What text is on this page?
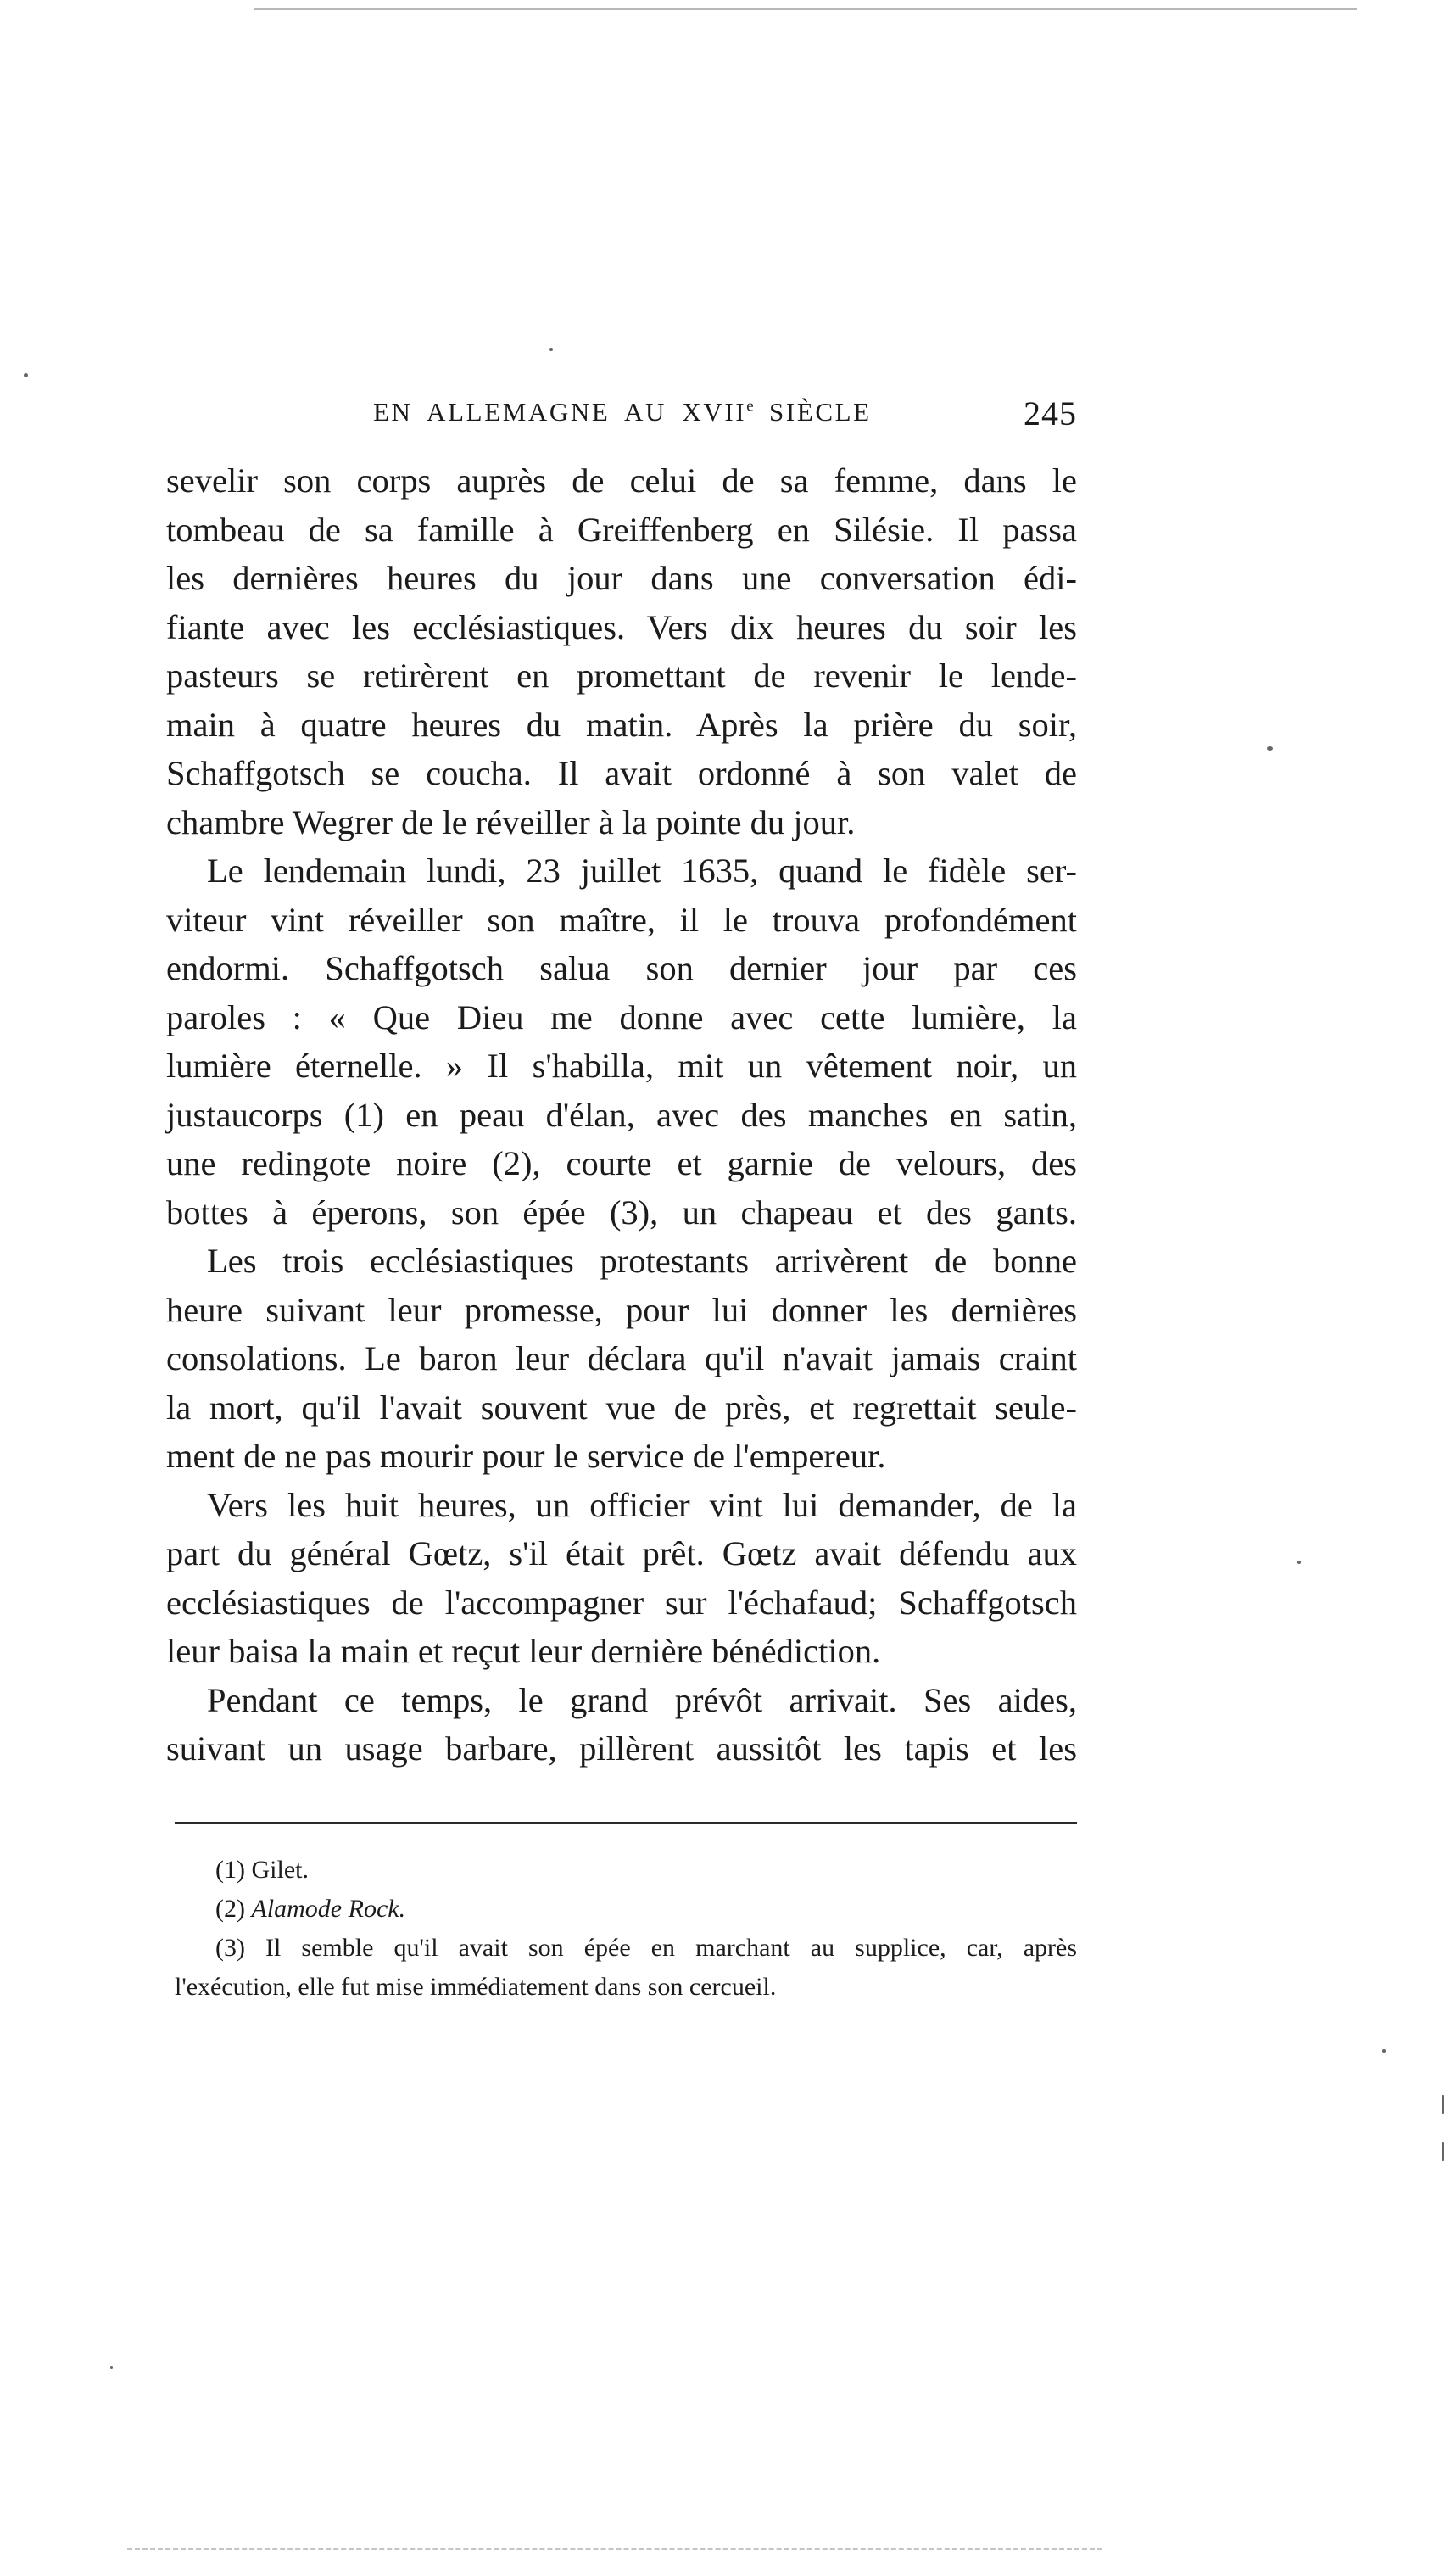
EN ALLEMAGNE AU XVIIe SIÈCLE	245
sevelir son corps auprès de celui de sa femme, dans le
tombeau de sa famille à Greiffenberg en Silésie. Il passa
les dernières heures du jour dans une conversation édi-
fiante avec les ecclésiastiques. Vers dix heures du soir les
pasteurs se retirèrent en promettant de revenir le lende-
main à quatre heures du matin. Après la prière du soir,
Schaffgotsch se coucha. Il avait ordonné à son valet de
chambre Wegrer de le réveiller à la pointe du jour.
Le lendemain lundi, 23 juillet 1635, quand le fidèle ser-
viteur vint réveiller son maître, il le trouva profondément
endormi. Schaffgotsch salua son dernier jour par ces
paroles : « Que Dieu me donne avec cette lumière, la
lumière éternelle. » Il s'habilla, mit un vêtement noir, un
justaucorps (1) en peau d'élan, avec des manches en satin,
une redingote noire (2), courte et garnie de velours, des
bottes à éperons, son épée (3), un chapeau et des gants.
Les trois ecclésiastiques protestants arrivèrent de bonne
heure suivant leur promesse, pour lui donner les dernières
consolations. Le baron leur déclara qu'il n'avait jamais craint
la mort, qu'il l'avait souvent vue de près, et regrettait seule-
ment de ne pas mourir pour le service de l'empereur.
Vers les huit heures, un officier vint lui demander, de la
part du général Gœtz, s'il était prêt. Gœtz avait défendu aux
ecclésiastiques de l'accompagner sur l'échafaud; Schaffgotsch
leur baisa la main et reçut leur dernière bénédiction.
Pendant ce temps, le grand prévôt arrivait. Ses aides,
suivant un usage barbare, pillèrent aussitôt les tapis et les
(1) Gilet.
(2) Alamode Rock.
(3) Il semble qu'il avait son épée en marchant au supplice, car, après
l'exécution, elle fut mise immédiatement dans son cercueil.
